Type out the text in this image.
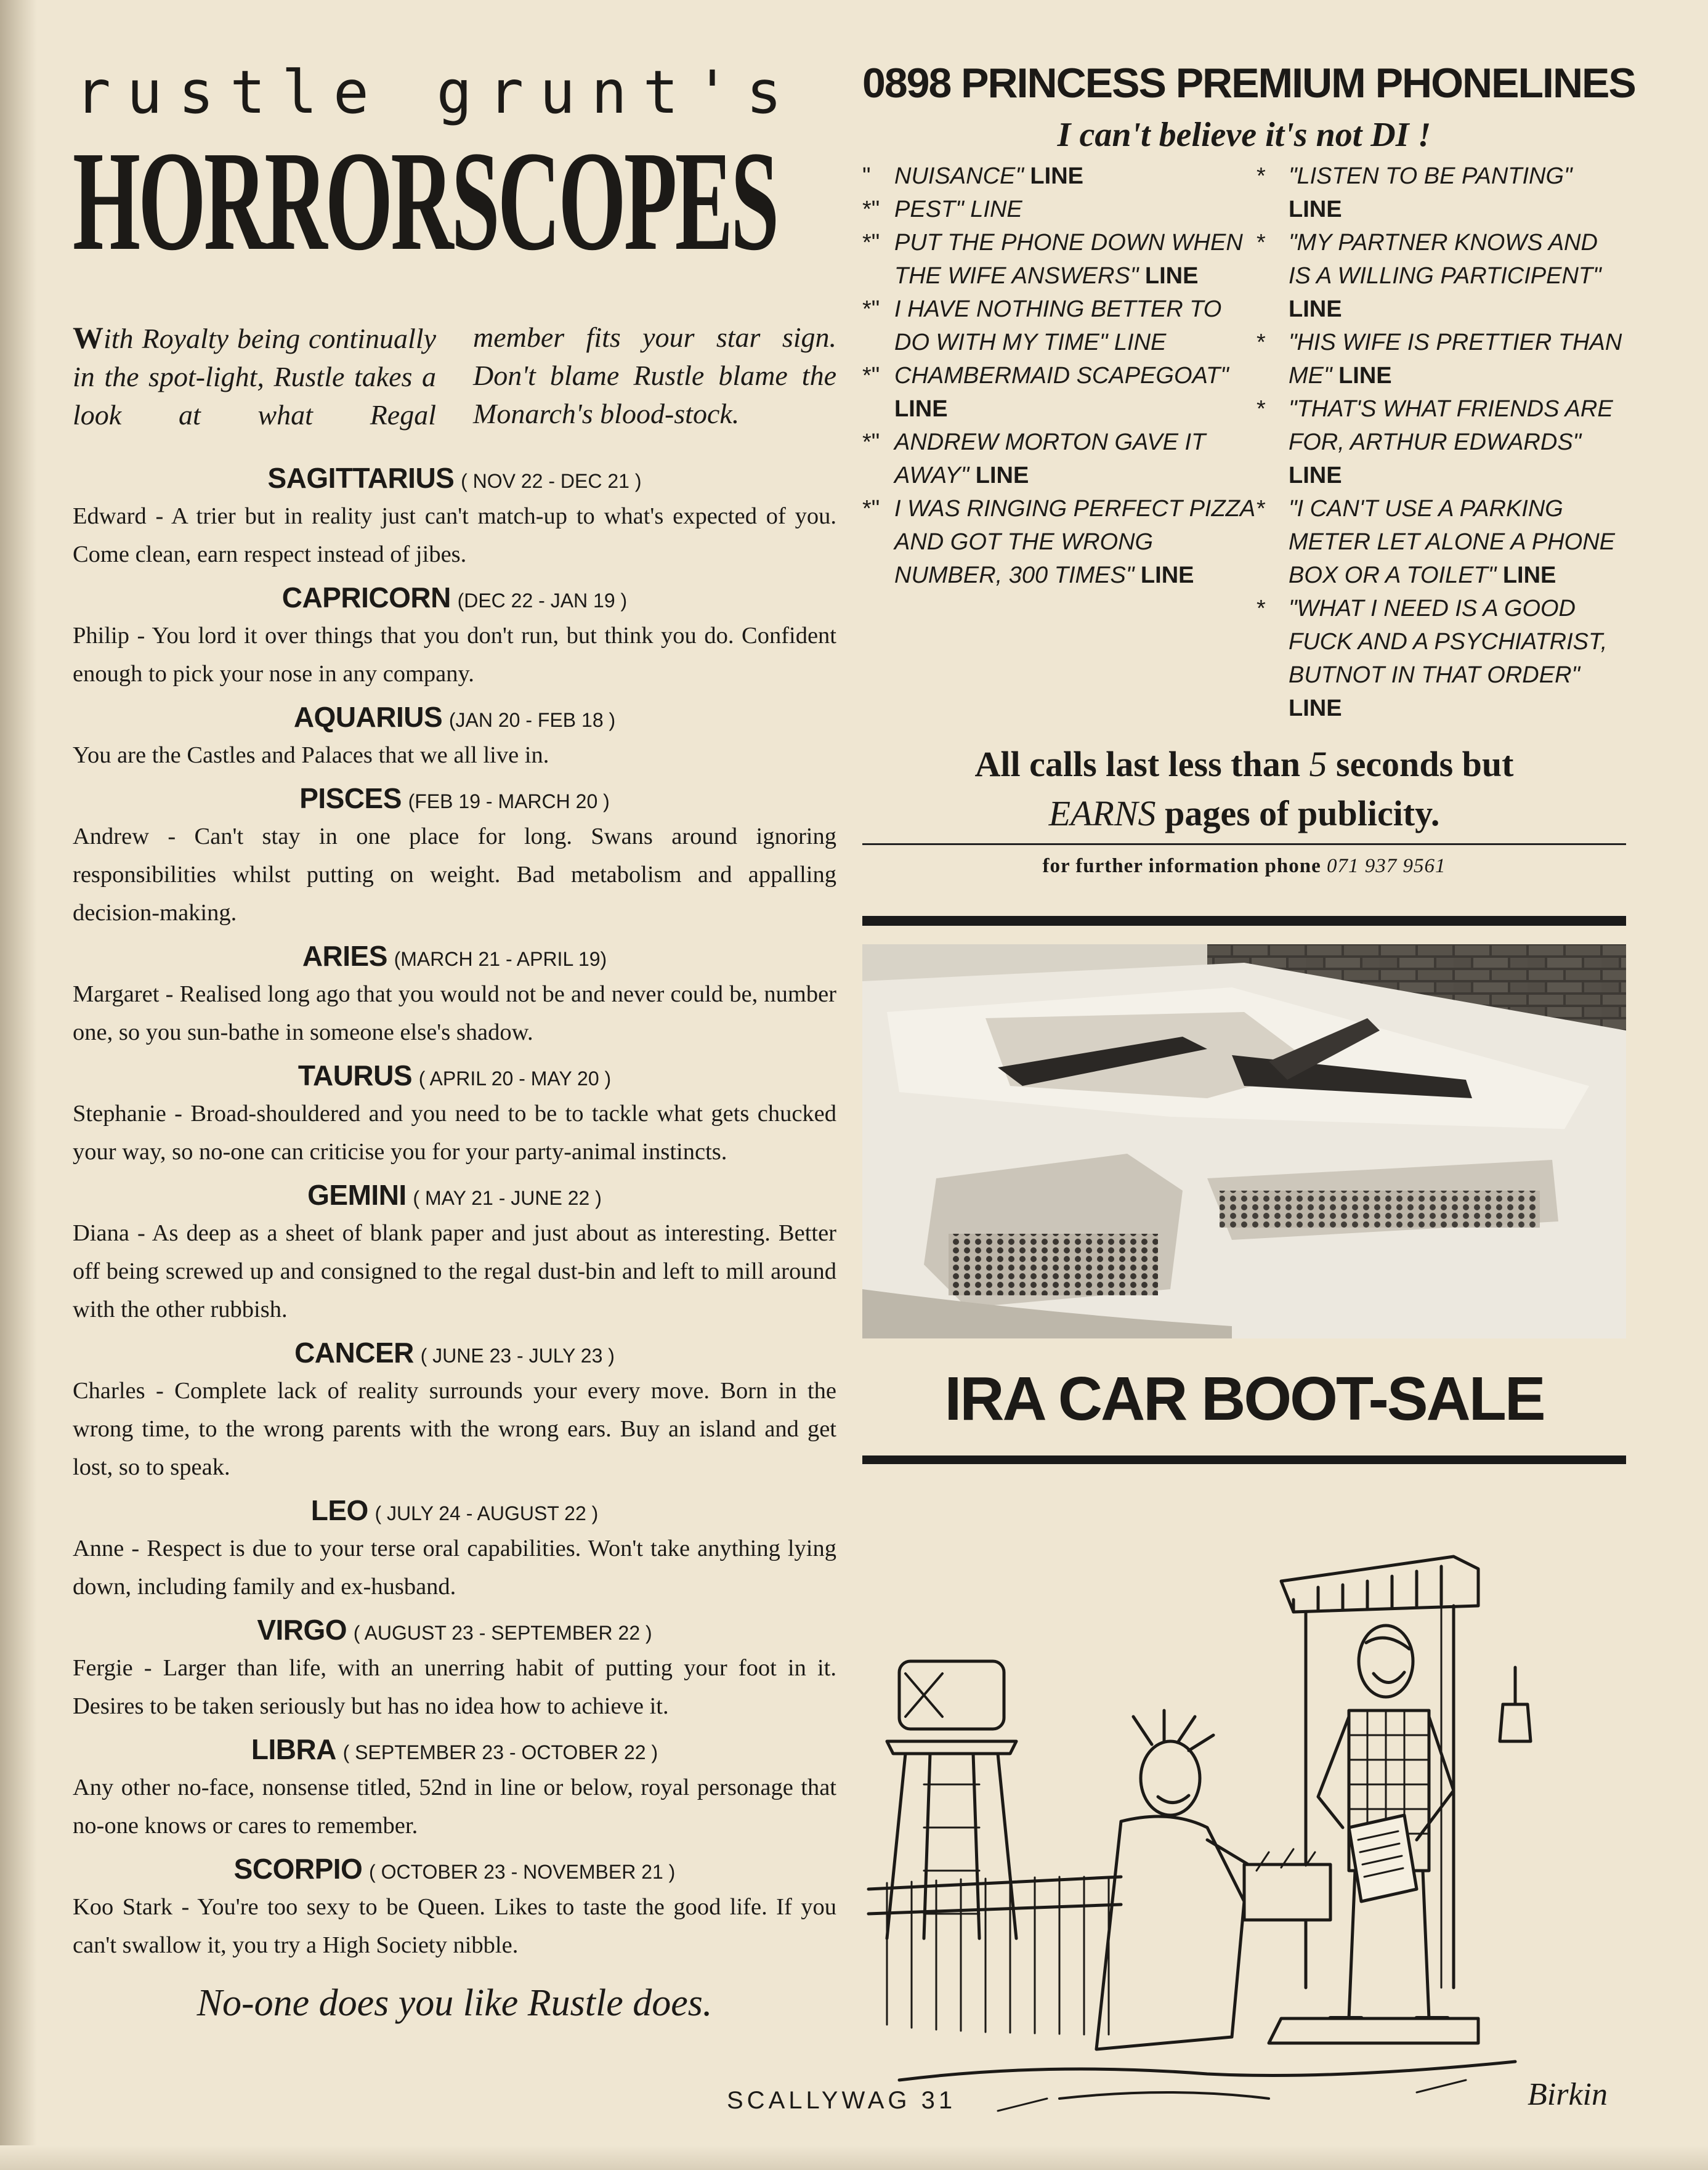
rustle grunt's
HORRORSCOPES

With Royalty being continually in the spot-light, Rustle takes a look at what Regal

member fits your star sign. Don't blame Rustle blame the Monarch's blood-stock.

SAGITTARIUS ( NOV 22 - DEC 21 )

Edward - A trier but in reality just can't match-up to what's expected of you. Come clean, earn respect instead of jibes.

CAPRICORN (DEC 22 - JAN 19 )

Philip - You lord it over things that you don't run, but think you do. Confident enough to pick your nose in any company.

AQUARIUS (JAN 20 - FEB 18 )

You are the Castles and Palaces that we all live in.

PISCES (FEB 19 - MARCH 20 )

Andrew - Can't stay in one place for long. Swans around ignoring responsibilities whilst putting on weight. Bad metabolism and appalling decision-making.

ARIES (MARCH 21 - APRIL 19)

Margaret - Realised long ago that you would not be and never could be, number one, so you sun-bathe in someone else's shadow.

TAURUS ( APRIL 20 - MAY 20 )

Stephanie - Broad-shouldered and you need to be to tackle what gets chucked your way, so no-one can criticise you for your party-animal instincts.

GEMINI ( MAY 21 - JUNE 22 )

Diana - As deep as a sheet of blank paper and just about as interesting. Better off being screwed up and consigned to the regal dust-bin and left to mill around with the other rubbish.

CANCER ( JUNE 23 - JULY 23 )

Charles - Complete lack of reality surrounds your every move. Born in the wrong time, to the wrong parents with the wrong ears. Buy an island and get lost, so to speak.

LEO ( JULY 24 - AUGUST 22 )

Anne - Respect is due to your terse oral capabilities. Won't take anything lying down, including family and ex-husband.

VIRGO ( AUGUST 23 - SEPTEMBER 22 )

Fergie - Larger than life, with an unerring habit of putting your foot in it. Desires to be taken seriously but has no idea how to achieve it.

LIBRA ( SEPTEMBER 23 - OCTOBER 22 )

Any other no-face, nonsense titled, 52nd in line or below, royal personage that no-one knows or cares to remember.

SCORPIO ( OCTOBER 23 - NOVEMBER 21 )

Koo Stark - You're too sexy to be Queen. Likes to taste the good life. If you can't swallow it, you try a High Society nibble.

No-one does you like Rustle does.
SCALLYWAG 31
0898 PRINCESS PREMIUM PHONELINES
I can't believe it's not DI !
"	NUISANCE" LINE
*" PEST" LINE
*" PUT THE PHONE DOWN WHEN THE WIFE ANSWERS" LINE
*" I HAVE NOTHING BETTER TO DO WITH MY TIME" LINE
*" CHAMBERMAID SCAPEGOAT" LINE
*" ANDREW MORTON GAVE IT AWAY" LINE
*" I WAS RINGING PERFECT PIZZA AND GOT THE WRONG NUMBER, 300 TIMES" LINE
* "LISTEN TO BE PANTING" LINE
* "MY PARTNER KNOWS AND IS A WILLING PARTICIPENT" LINE
* "HIS WIFE IS PRETTIER THAN ME" LINE
* "THAT'S WHAT FRIENDS ARE FOR, ARTHUR EDWARDS" LINE
* "I CAN'T USE A PARKING METER LET ALONE A PHONE BOX OR A TOILET" LINE
* "WHAT I NEED IS A GOOD FUCK AND A PSYCHIATRIST, BUTNOT IN THAT ORDER" LINE
All calls last less than 5 seconds but
EARNS pages of publicity.
for further information phone 071 937 9561
IRA CAR BOOT-SALE
Birkin
